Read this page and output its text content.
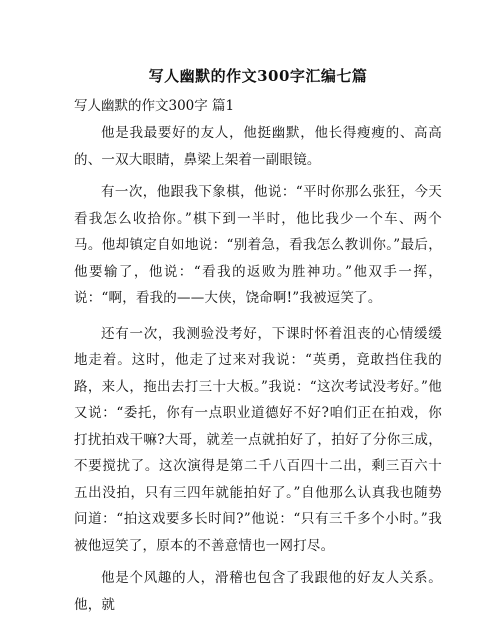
写人幽默的作文300字汇编七篇
写人幽默的作文300字 篇1

他是我最要好的友人，他挺幽默，他长得瘦瘦的、高高的、一双大眼睛，鼻梁上架着一副眼镜。

有一次，他跟我下象棋，他说：“平时你那么张狂，今天看我怎么收拾你。”棋下到一半时，他比我少一个车、两个马。他却镇定自如地说：“别着急，看我怎么教训你。”最后，他要输了，他说：“看我的返败为胜神功。”他双手一挥，说：“啊，看我的——大侠，饶命啊!”我被逗笑了。

还有一次，我测验没考好，下课时怀着沮丧的心情缓缓地走着。这时，他走了过来对我说：“英勇，竟敢挡住我的路，来人，拖出去打三十大板。”我说：“这次考试没考好。”他又说：“委托，你有一点职业道德好不好?咱们正在拍戏，你打扰拍戏干嘛?大哥，就差一点就拍好了，拍好了分你三成，不要搅扰了。这次演得是第二千八百四十二出，剩三百六十五出没拍，只有三四年就能拍好了。”自他那么认真我也随势问道：“拍这戏要多长时间?”他说：“只有三千多个小时。”我被他逗笑了，原本的不善意情也一网打尽。

他是个风趣的人，滑稽也包含了我跟他的好友人关系。他，就
